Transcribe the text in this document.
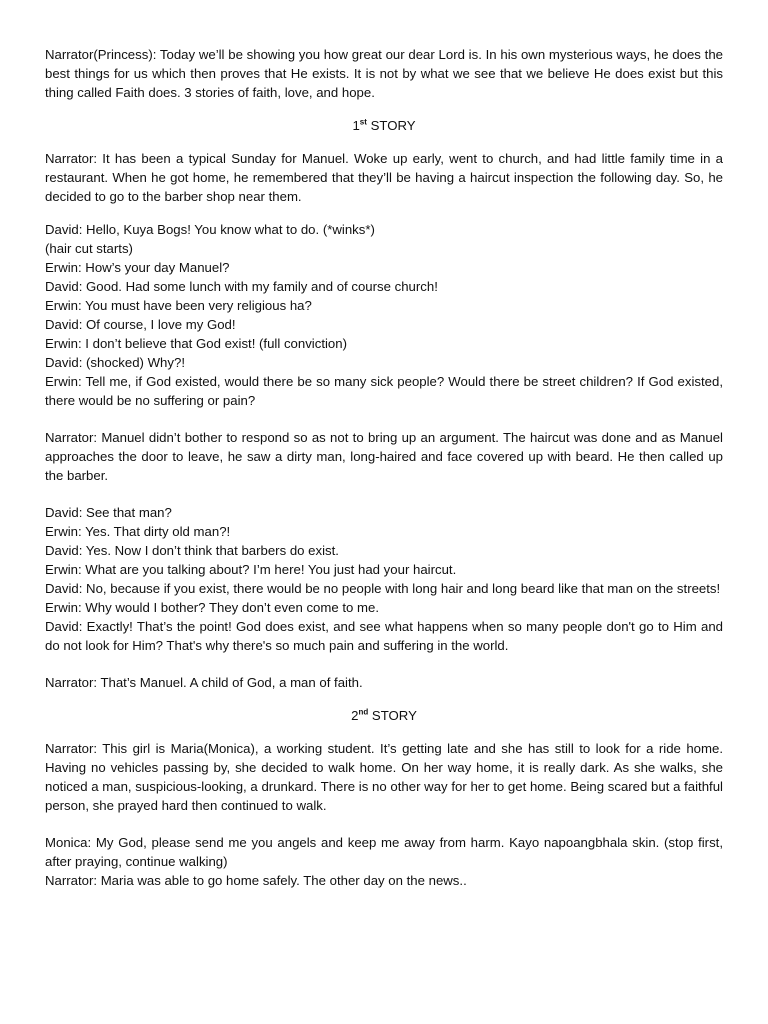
Narrator(Princess): Today we’ll be showing you how great our dear Lord is. In his own mysterious ways, he does the best things for us which then proves that He exists. It is not by what we see that we believe He does exist but this thing called Faith does. 3 stories of faith, love, and hope.

1st STORY

Narrator: It has been a typical Sunday for Manuel. Woke up early, went to church, and had little family time in a restaurant. When he got home, he remembered that they’ll be having a haircut inspection the following day. So, he decided to go to the barber shop near them.

David: Hello, Kuya Bogs! You know what to do. (*winks*)

(hair cut starts)

Erwin: How’s your day Manuel?

David: Good. Had some lunch with my family and of course church!

Erwin: You must have been very religious ha?

David: Of course, I love my God!

Erwin: I don’t believe that God exist! (full conviction)

David: (shocked) Why?!

Erwin: Tell me, if God existed, would there be so many sick people? Would there be street children? If God existed, there would be no suffering or pain?

Narrator: Manuel didn’t bother to respond so as not to bring up an argument. The haircut was done and as Manuel approaches the door to leave, he saw a dirty man, long-haired and face covered up with beard. He then called up the barber.

David: See that man?

Erwin: Yes. That dirty old man?!

David: Yes. Now I don’t think that barbers do exist.

Erwin: What are you talking about? I’m here! You just had your haircut.

David: No, because if you exist, there would be no people with long hair and long beard like that man on the streets!

Erwin: Why would I bother? They don’t even come to me.

David: Exactly! That’s the point! God does exist, and see what happens when so many people don't go to Him and do not look for Him? That's why there's so much pain and suffering in the world.

Narrator: That’s Manuel. A child of God, a man of faith.

2nd STORY

Narrator: This girl is Maria(Monica), a working student. It’s getting late and she has still to look for a ride home. Having no vehicles passing by, she decided to walk home. On her way home, it is really dark. As she walks, she noticed a man, suspicious-looking, a drunkard. There is no other way for her to get home. Being scared but a faithful person, she prayed hard then continued to walk.

Monica: My God, please send me you angels and keep me away from harm. Kayo napoangbhala skin. (stop first, after praying, continue walking)

Narrator: Maria was able to go home safely. The other day on the news..
